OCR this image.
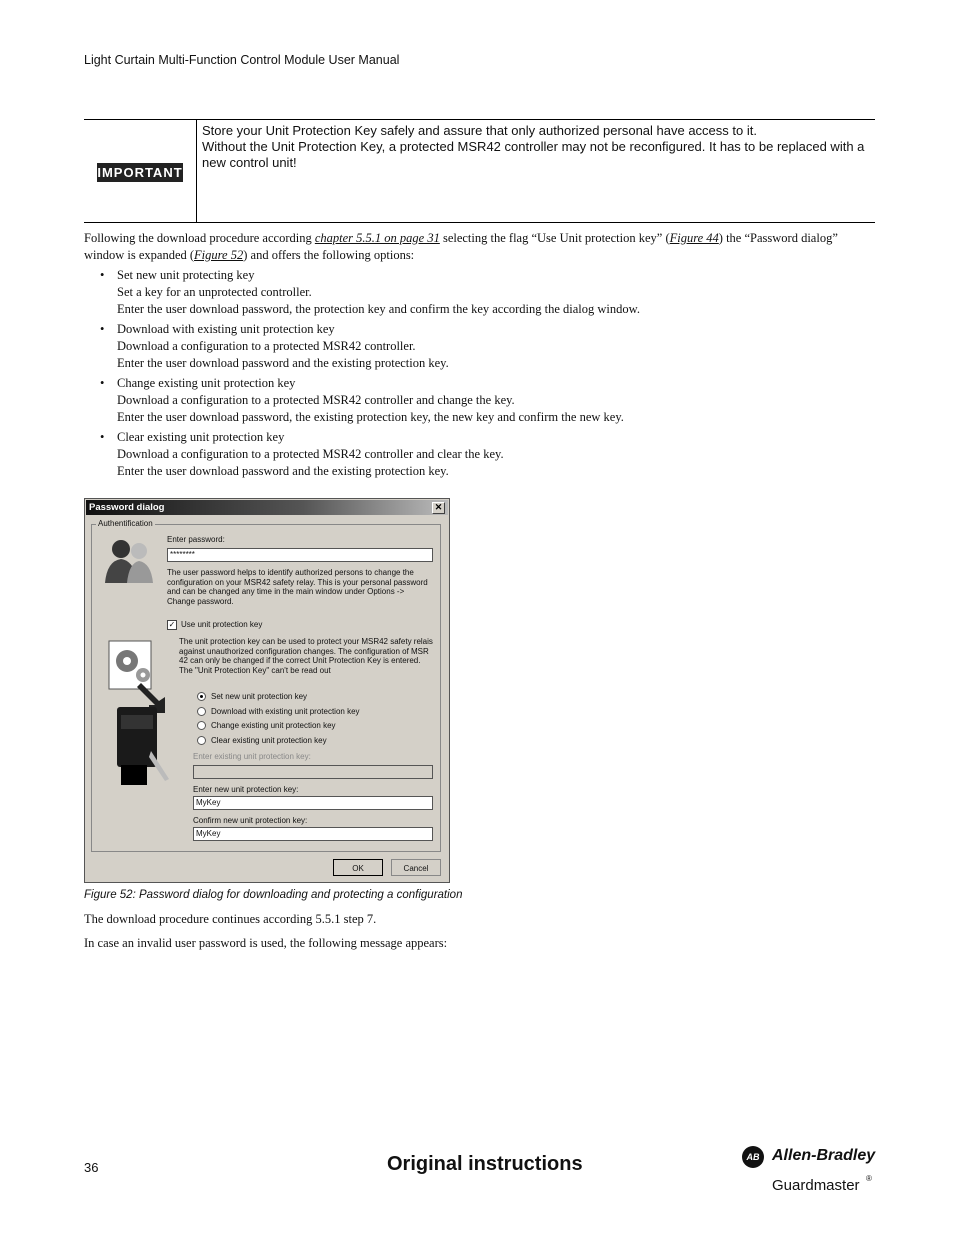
Light Curtain Multi-Function Control Module User Manual
IMPORTANT
Store your Unit Protection Key safely and assure that only authorized personal have access to it.
Without the Unit Protection Key, a protected MSR42 controller may not be reconfigured. It has to be replaced with a new control unit!

Following the download procedure according chapter 5.5.1 on page 31 selecting the flag “Use Unit protection key” (Figure 44) the “Password dialog” window is expanded (Figure 52) and offers the following options:

• Set new unit protecting key
Set a key for an unprotected controller.
Enter the user download password, the protection key and confirm the key according the dialog window.
• Download with existing unit protection key
Download a configuration to a protected MSR42 controller.
Enter the user download password and the existing protection key.
• Change existing unit protection key
Download a configuration to a protected MSR42 controller and change the key.
Enter the user download password, the existing protection key, the new key and confirm the new key.
• Clear existing unit protection key
Download a configuration to a protected MSR42 controller and clear the key.
Enter the user download password and the existing protection key.
Password dialog	✕
Authentification
Enter password:
********
The user password helps to identify authorized persons to change the configuration on your MSR42 safety relay. This is your personal password and can be changed any time in the main window under Options -> Change password.
✓ Use unit protection key
The unit protection key can be used to protect your MSR42 safety relais against unauthorized configuration changes. The configuration of MSR 42 can only be changed if the correct Unit Protection Key is entered. The "Unit Protection Key" can't be read out
Set new unit protection key
Download with existing unit protection key
Change existing unit protection key
Clear existing unit protection key
Enter existing unit protection key:
Enter new unit protection key:
MyKey
Confirm new unit protection key:
MyKey
OK	Cancel
Figure 52: Password dialog for downloading and protecting a configuration
The download procedure continues according 5.5.1 step 7.
In case an invalid user password is used, the following message appears:
36	Original instructions	AB Allen-Bradley
Guardmaster ®
